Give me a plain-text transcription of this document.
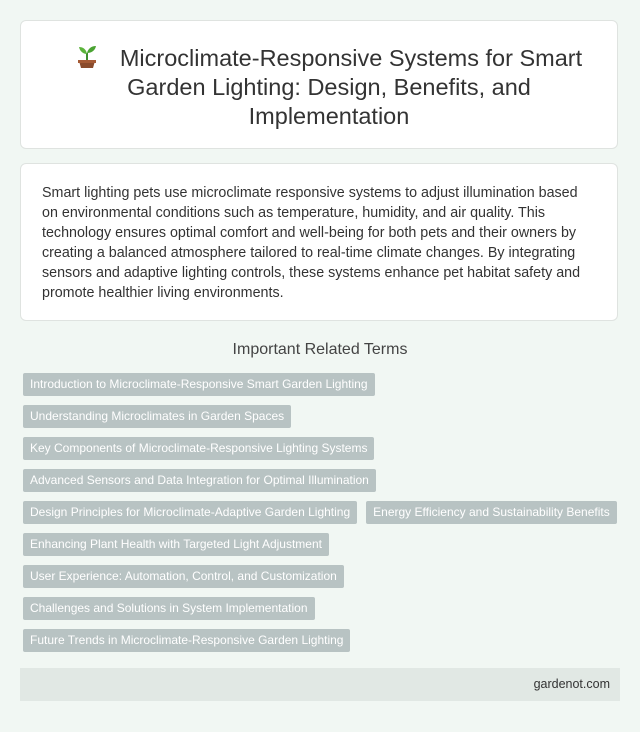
Microclimate-Responsive Systems for Smart Garden Lighting: Design, Benefits, and Implementation

Smart lighting pets use microclimate responsive systems to adjust illumination based on environmental conditions such as temperature, humidity, and air quality. This technology ensures optimal comfort and well-being for both pets and their owners by creating a balanced atmosphere tailored to real-time climate changes. By integrating sensors and adaptive lighting controls, these systems enhance pet habitat safety and promote healthier living environments.

Important Related Terms
Introduction to Microclimate-Responsive Smart Garden Lighting
Understanding Microclimates in Garden Spaces
Key Components of Microclimate-Responsive Lighting Systems
Advanced Sensors and Data Integration for Optimal Illumination
Design Principles for Microclimate-Adaptive Garden Lighting	Energy Efficiency and Sustainability Benefits
Enhancing Plant Health with Targeted Light Adjustment
User Experience: Automation, Control, and Customization
Challenges and Solutions in System Implementation
Future Trends in Microclimate-Responsive Garden Lighting
gardenot.com
